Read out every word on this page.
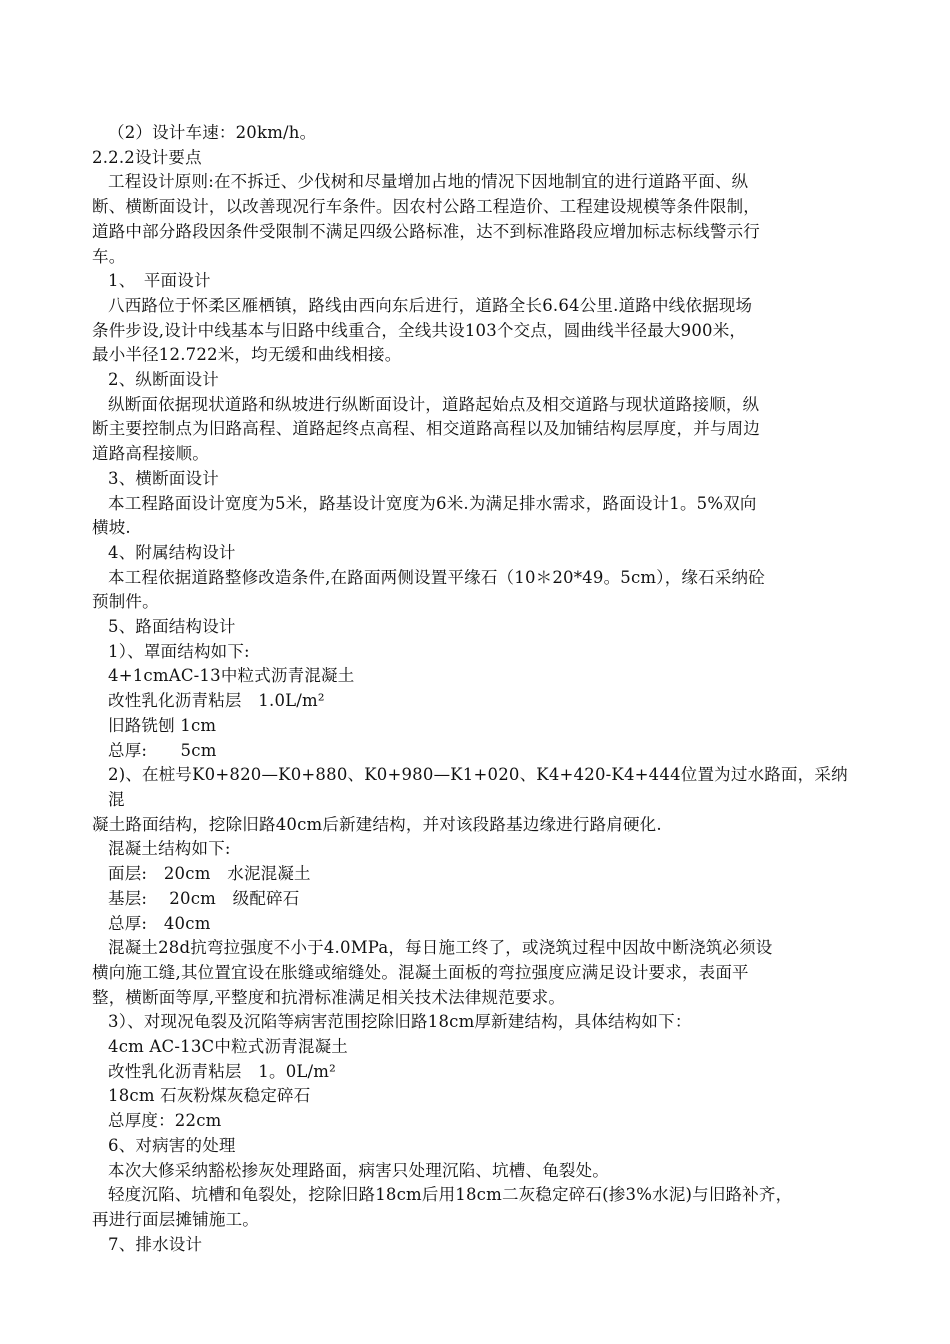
（2）设计车速：20km/h。

2.2.2设计要点

工程设计原则:在不拆迁、少伐树和尽量增加占地的情况下因地制宜的进行道路平面、纵

断、横断面设计，以改善现况行车条件。因农村公路工程造价、工程建设规模等条件限制，

道路中部分路段因条件受限制不满足四级公路标准，达不到标准路段应增加标志标线警示行

车。

1、　平面设计

八西路位于怀柔区雁栖镇，路线由西向东后进行，道路全长6.64公里.道路中线依据现场

条件步设,设计中线基本与旧路中线重合，全线共设103个交点，圆曲线半径最大900米，

最小半径12.722米，均无缓和曲线相接。

2、纵断面设计

纵断面依据现状道路和纵坡进行纵断面设计，道路起始点及相交道路与现状道路接顺，纵

断主要控制点为旧路高程、道路起终点高程、相交道路高程以及加铺结构层厚度，并与周边

道路高程接顺。

3、横断面设计

本工程路面设计宽度为5米，路基设计宽度为6米.为满足排水需求，路面设计1。5%双向

横坡.

4、附属结构设计

本工程依据道路整修改造条件,在路面两侧设置平缘石（10＊20*49。5cm），缘石采纳砼

预制件。

5、路面结构设计

1）、罩面结构如下:

4+1cmAC-13中粒式沥青混凝土

改性乳化沥青粘层　1.0L/m²

旧路铣刨 1cm

总厚:　　5cm

2)、在桩号K0+820—K0+880、K0+980—K1+020、K4+420-K4+444位置为过水路面，采纳混

凝土路面结构，挖除旧路40cm后新建结构，并对该段路基边缘进行路肩硬化.

混凝土结构如下:

面层:　20cm　水泥混凝土

基层:　 20cm　级配碎石

总厚:　40cm

混凝土28d抗弯拉强度不小于4.0MPa，每日施工终了，或浇筑过程中因故中断浇筑必须设

横向施工缝,其位置宜设在胀缝或缩缝处。混凝土面板的弯拉强度应满足设计要求，表面平

整，横断面等厚,平整度和抗滑标准满足相关技术法律规范要求。

3）、对现况龟裂及沉陷等病害范围挖除旧路18cm厚新建结构，具体结构如下：

4cm AC-13C中粒式沥青混凝土

改性乳化沥青粘层　1。0L/m²

18cm 石灰粉煤灰稳定碎石

总厚度：22cm

6、对病害的处理

本次大修采纳豁松掺灰处理路面，病害只处理沉陷、坑槽、龟裂处。

轻度沉陷、坑槽和龟裂处，挖除旧路18cm后用18cm二灰稳定碎石(掺3%水泥)与旧路补齐，

再进行面层摊铺施工。

7、排水设计
